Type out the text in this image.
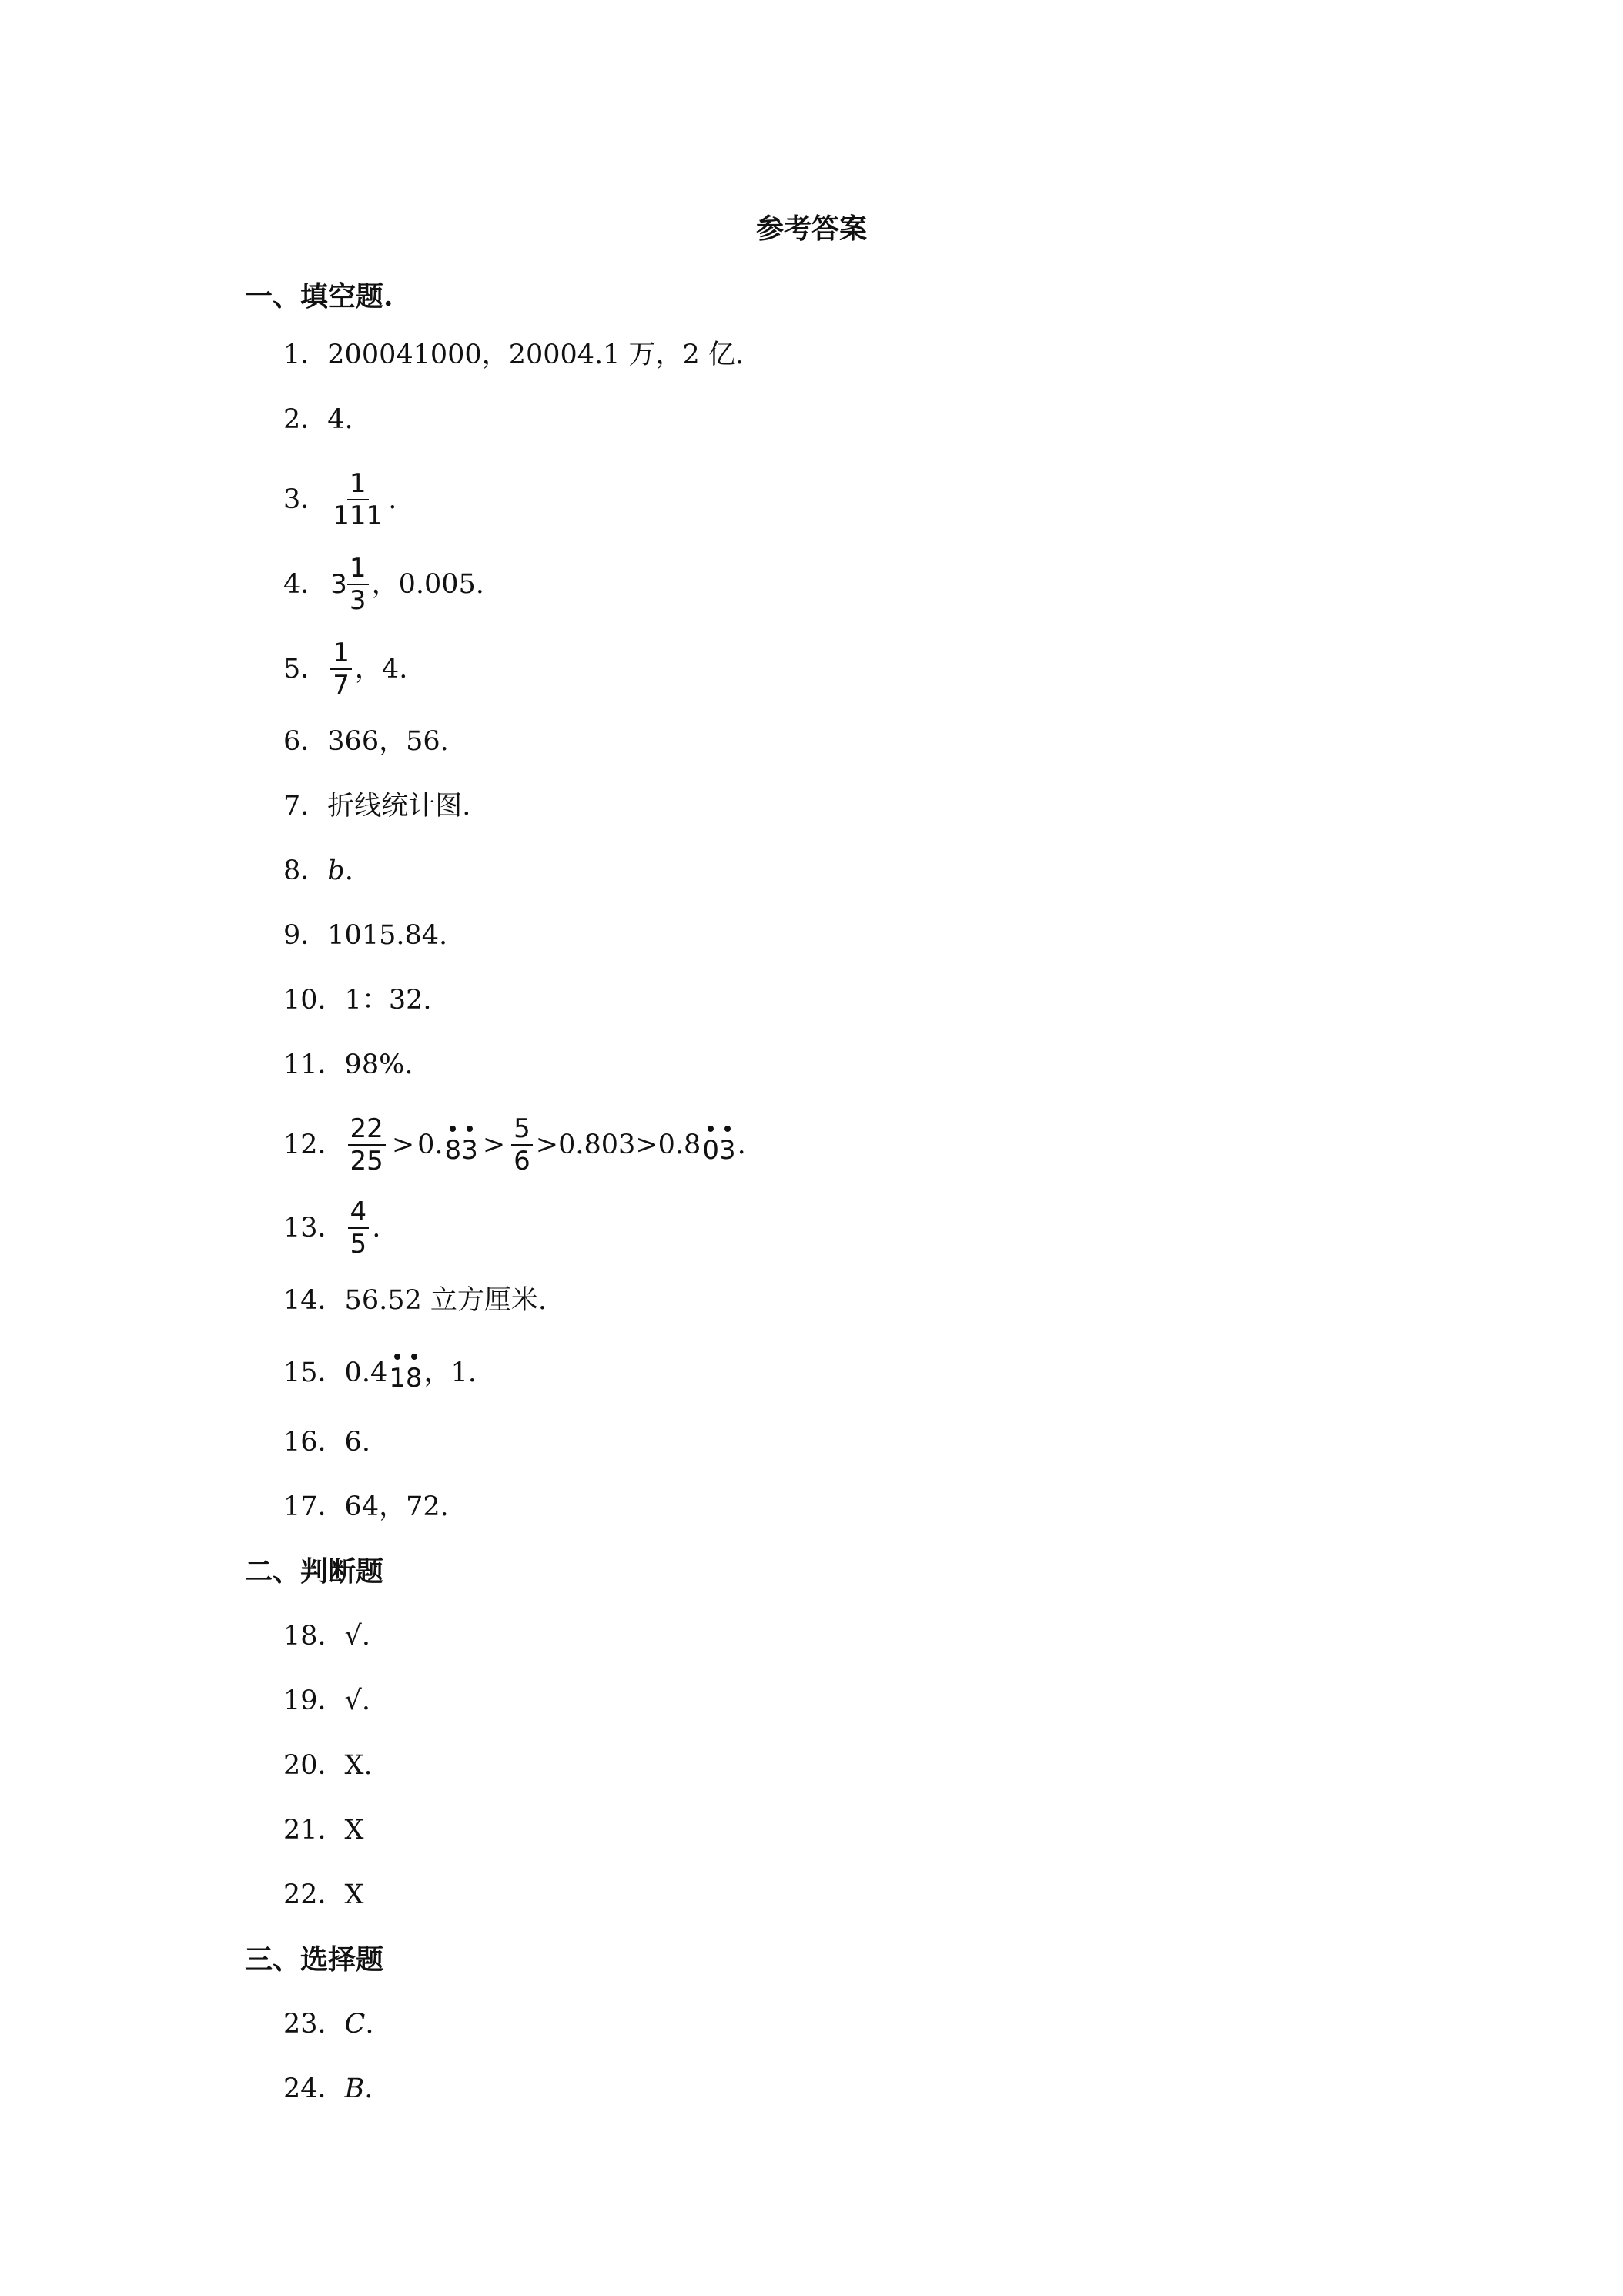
参考答案
一、填空题.
1． 200041000，20004.1 万，2 亿.
2． 4.
3． $\frac{1}{111}$ .
4． $3 \frac{1}{3}$ ，0.005.
5． $\frac{1}{7}$ ，4.
6． 366，56.
7． 折线统计图.
8． b .
9． 1015.84.
10． 1：32.
11． 98%.
12． $\frac{22}{25} > 0$. 8 $3 > \frac{5}{6} >0.803>0.8$ 0 3 .
13． $\frac{4}{5}$ .
14． 56.52 立方厘米.
15． 0.4 1 8 ，1.
16． 6.
17． 64，72.
二、判断题
18． √.
19． √.
20． X.
21． X
22． X
三、选择题
23． C .
24． B .
